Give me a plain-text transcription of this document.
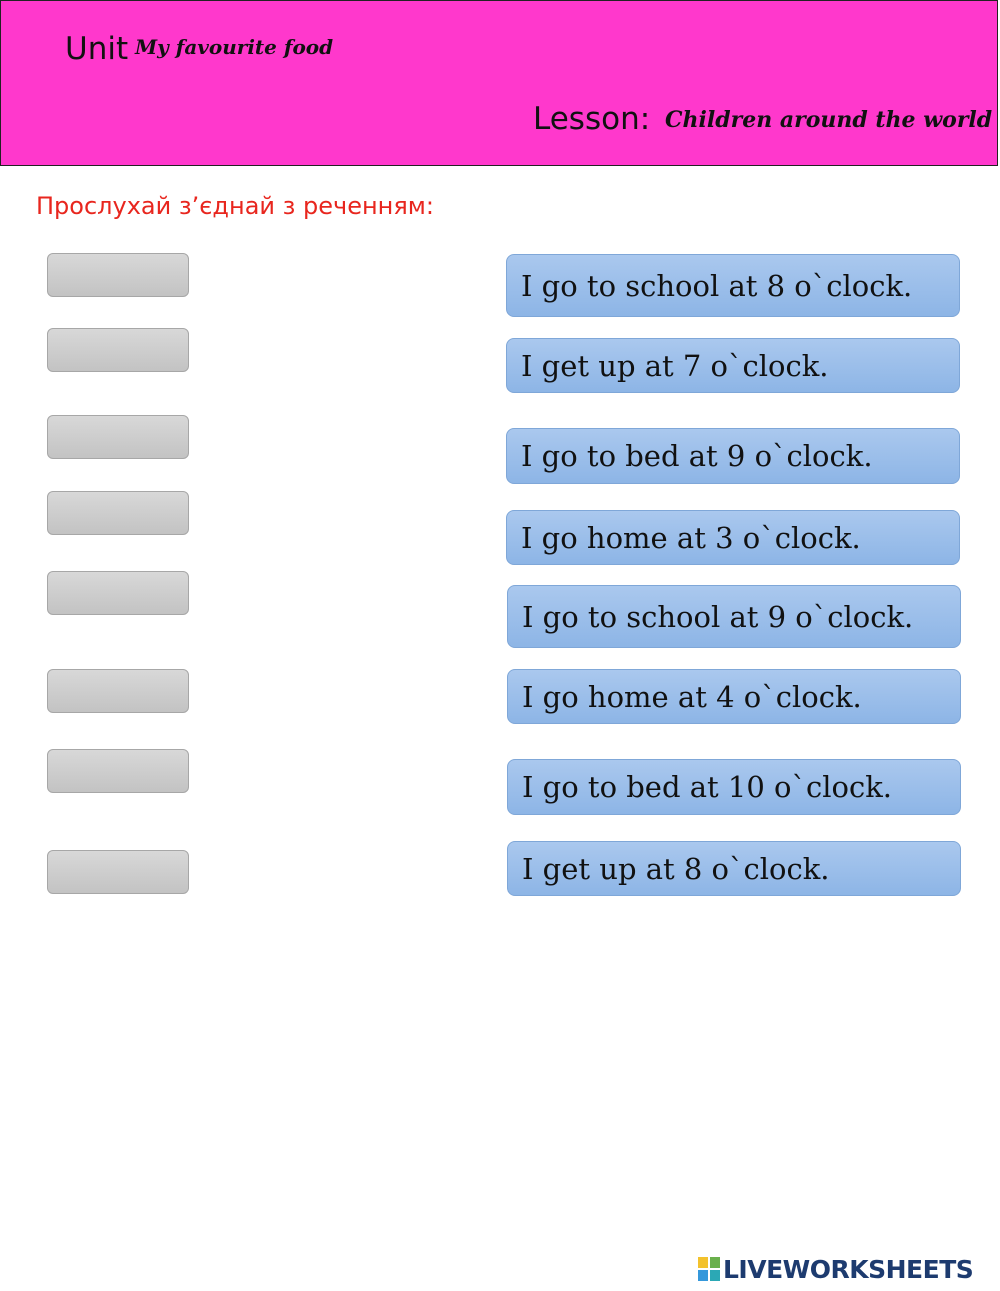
Unit My favourite food
Lesson: Children around the world
Прослухай з’єднай з реченням:
I go to school at 8 o`clock.
I get up at 7 o`clock.
I go to bed at 9 o`clock.
I go home at 3 o`clock.
I go to school at 9 o`clock.
I go home at 4 o`clock.
I go to bed at 10 o`clock.
I get up at 8 o`clock.
LIVEWORKSHEETS
